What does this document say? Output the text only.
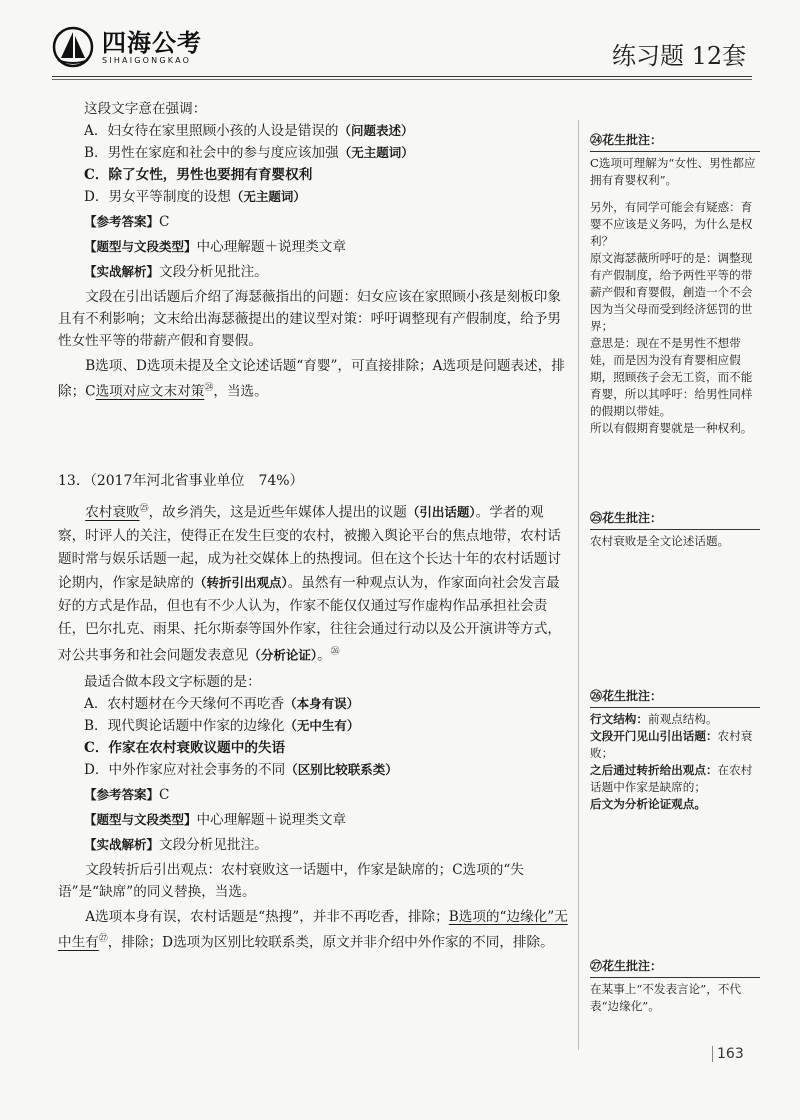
四海公考
SIHAIGONGKAO	练习题 12套

这段文字意在强调：

A．妇女待在家里照顾小孩的人设是错误的（问题表述）

B．男性在家庭和社会中的参与度应该加强（无主题词）

C．除了女性，男性也要拥有育婴权利

D．男女平等制度的设想（无主题词）

【参考答案】C

【题型与文段类型】中心理解题＋说理类文章

【实战解析】文段分析见批注。

文段在引出话题后介绍了海瑟薇指出的问题：妇女应该在家照顾小孩是刻板印象且有不利影响；文末给出海瑟薇提出的建议型对策：呼吁调整现有产假制度，给予男性女性平等的带薪产假和育婴假。

B选项、D选项未提及全文论述话题“育婴”，可直接排除；A选项是问题表述，排除；C选项对应文末对策$^㉔$，当选。

13．（2017年河北省事业单位　74%）

农村衰败$^㉕$，故乡消失，这是近些年媒体人提出的议题（引出话题）。学者的观察，时评人的关注，使得正在发生巨变的农村，被搬入舆论平台的焦点地带，农村话题时常与娱乐话题一起，成为社交媒体上的热搜词。但在这个长达十年的农村话题讨论期内，作家是缺席的（转折引出观点）。虽然有一种观点认为，作家面向社会发言最好的方式是作品，但也有不少人认为，作家不能仅仅通过写作虚构作品承担社会责任，巴尔扎克、雨果、托尔斯泰等国外作家，往往会通过行动以及公开演讲等方式，对公共事务和社会问题发表意见（分析论证）。$^㉖$

最适合做本段文字标题的是：

A．农村题材在今天缘何不再吃香（本身有误）

B．现代舆论话题中作家的边缘化（无中生有）

C．作家在农村衰败议题中的失语

D．中外作家应对社会事务的不同（区别比较联系类）

【参考答案】C

【题型与文段类型】中心理解题＋说理类文章

【实战解析】文段分析见批注。

文段转折后引出观点：农村衰败这一话题中，作家是缺席的；C选项的“失语”是“缺席”的同义替换，当选。

A选项本身有误，农村话题是“热搜”，并非不再吃香，排除；B选项的“边缘化”无中生有$^㉗$，排除；D选项为区别比较联系类，原文并非介绍中外作家的不同，排除。

㉔花生批注：

C选项可理解为“女性、男性都应拥有育婴权利”。

另外，有同学可能会有疑惑：育婴不应该是义务吗，为什么是权利？

原文海瑟薇所呼吁的是：调整现有产假制度，给予两性平等的带薪产假和育婴假，創造一个不会因为当父母而受到经济惩罚的世界；

意思是：现在不是男性不想带娃，而是因为没有育婴相应假期，照顾孩子会无工资，而不能育婴，所以其呼吁：给男性同样的假期以带娃。

所以有假期育婴就是一种权利。

㉕花生批注：

农村衰败是全文论述话题。

㉖花生批注：

行文结构：前观点结构。

文段开门见山引出话题：农村衰败；

之后通过转折给出观点：在农村话题中作家是缺席的；

后文为分析论证观点。

㉗花生批注：

在某事上“不发表言论”，不代表“边缘化”。

163
